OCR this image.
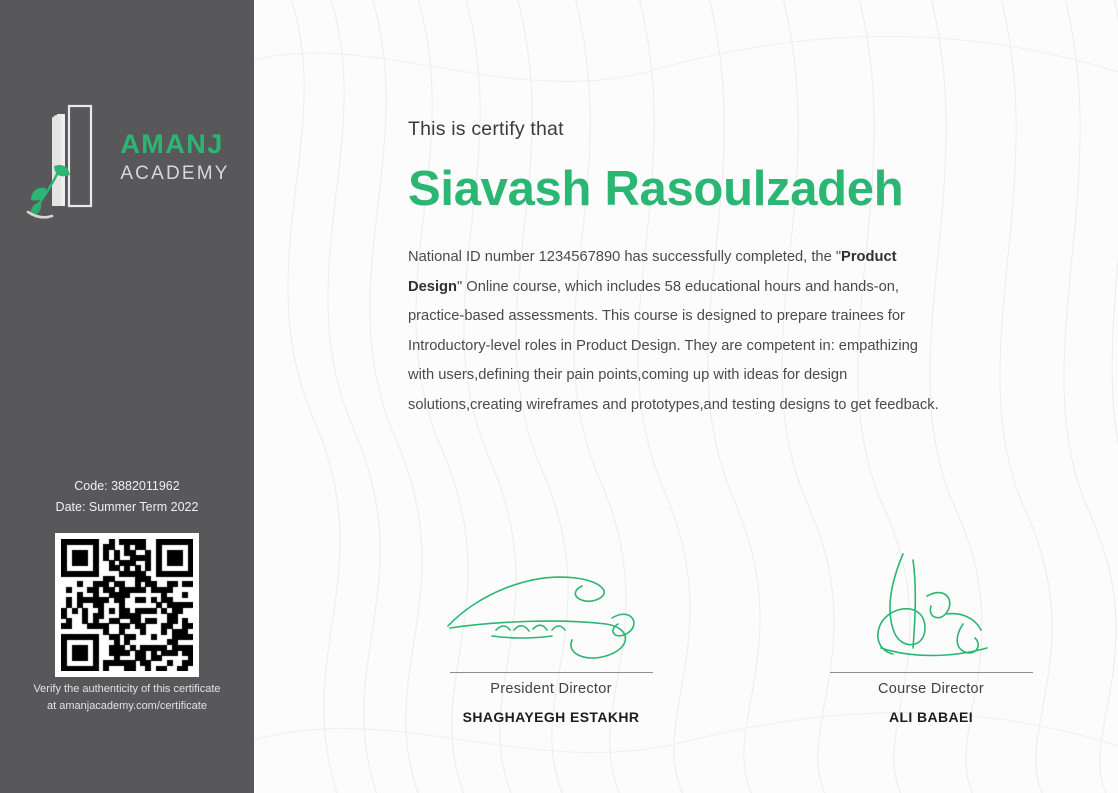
AMANJ
ACADEMY
Code: 3882011962
Date: Summer Term 2022
Verify the authenticity of this certificate
at amanjacademy.com/certificate
This is certify that
Siavash Rasoulzadeh
National ID number 1234567890 has successfully completed, the "Product Design" Online course, which includes 58 educational hours and hands-on, practice-based assessments. This course is designed to prepare trainees for Introductory-level roles in Product Design. They are competent in: empathizing with users,defining their pain points,coming up with ideas for design solutions,creating wireframes and prototypes,and testing designs to get feedback.
President Director
SHAGHAYEGH ESTAKHR
Course Director
ALI BABAEI
